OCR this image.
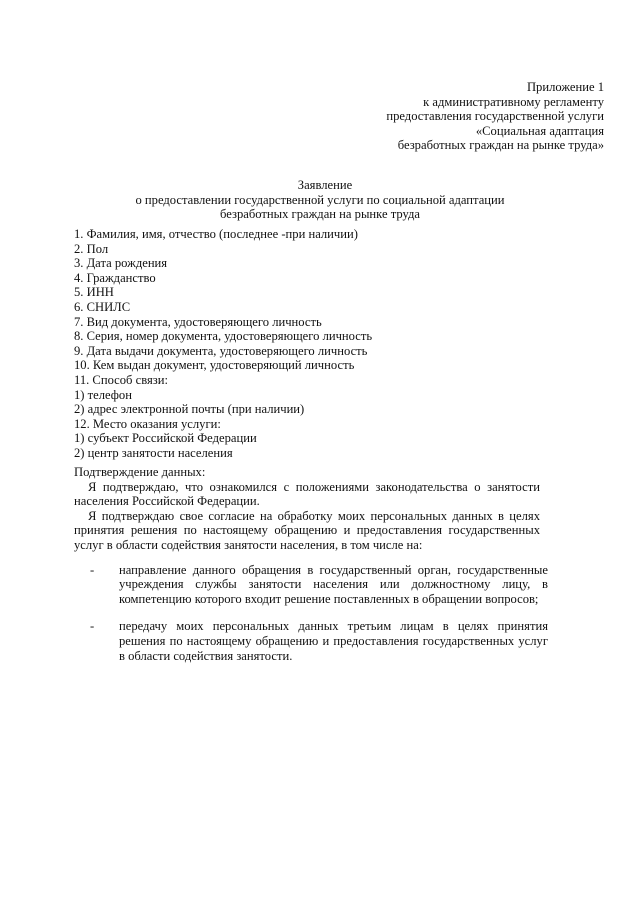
Приложение 1
к административному регламенту
предоставления государственной услуги
«Социальная адаптация
безработных граждан на рынке труда»
Заявление
о предоставлении государственной услуги по социальной адаптации
безработных граждан на рынке труда
1. Фамилия, имя, отчество (последнее -при наличии)
2. Пол
3. Дата рождения
4. Гражданство
5. ИНН
6. СНИЛС
7. Вид документа, удостоверяющего личность
8. Серия, номер документа, удостоверяющего личность
9. Дата выдачи документа, удостоверяющего личность
10. Кем выдан документ, удостоверяющий личность
11. Способ связи:
1) телефон
2) адрес электронной почты (при наличии)
12. Место оказания услуги:
1) субъект Российской Федерации
2) центр занятости населения
Подтверждение данных:
Я подтверждаю, что ознакомился с положениями законодательства о занятости населения Российской Федерации.
Я подтверждаю свое согласие на обработку моих персональных данных в целях принятия решения по настоящему обращению и предоставления государственных услуг в области содействия занятости населения, в том числе на:
- направление данного обращения в государственный орган, государственные учреждения службы занятости населения или должностному лицу, в компетенцию которого входит решение поставленных в обращении вопросов;
- передачу моих персональных данных третьим лицам в целях принятия решения по настоящему обращению и предоставления государственных услуг в области содействия занятости.
